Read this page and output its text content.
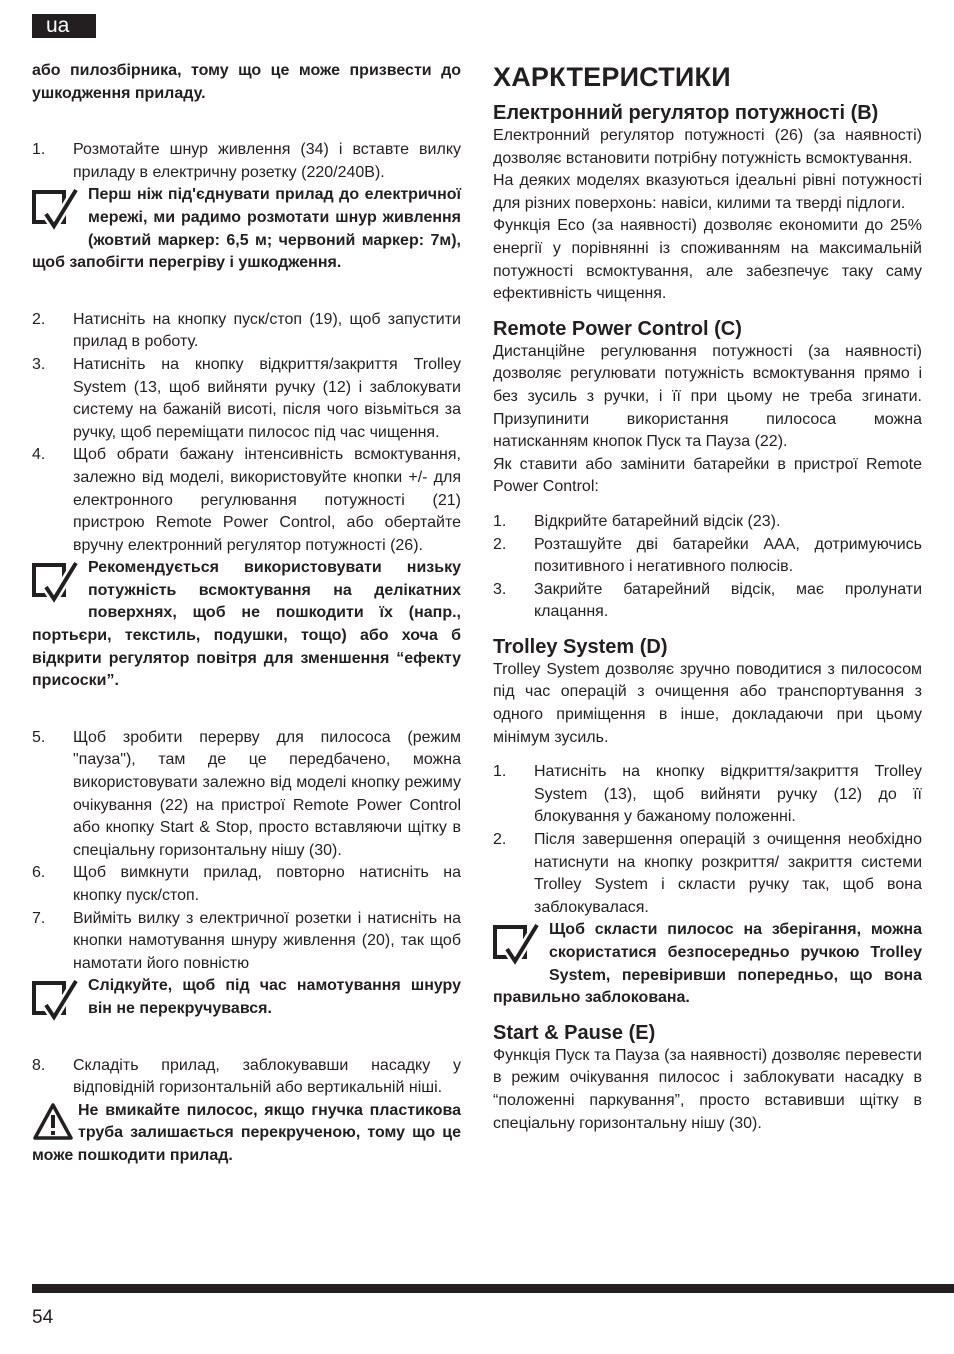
ua

або пилозбірника, тому що це може призвести до ушкодження приладу.

1. Розмотайте шнур живлення (34) і вставте вилку приладу в електричну розетку (220/240В).
Перш ніж під'єднувати прилад до електричної мережі, ми радимо розмотати шнур живлення (жовтий маркер: 6,5 м; червоний маркер: 7м), щоб запобігти перегріву і ушкодження.
2. Натисніть на кнопку пуск/стоп (19), щоб запустити прилад в роботу.
3. Натисніть на кнопку відкриття/закриття Trolley System (13, щоб вийняти ручку (12) і заблокувати систему на бажаній висоті, після чого візьміться за ручку, щоб переміщати пилосос під час чищення.
4. Щоб обрати бажану інтенсивність всмоктування, залежно від моделі, використовуйте кнопки +/- для електронного регулювання потужності (21) пристрою Remote Power Control, або обертайте вручну електронний регулятор потужності (26).
Рекомендується використовувати низьку потужність всмоктування на делікатних поверхнях, щоб не пошкодити їх (напр., портьєри, текстиль, подушки, тощо) або хоча б відкрити регулятор повітря для зменшення “ефекту присоски”.
5. Щоб зробити перерву для пилососа (режим "пауза"), там де це передбачено, можна використовувати залежно від моделі кнопку режиму очікування (22) на пристрої Remote Power Control або кнопку Start & Stop, просто вставляючи щітку в спеціальну горизонтальну нішу (30).
6. Щоб вимкнути прилад, повторно натисніть на кнопку пуск/стоп.
7. Вийміть вилку з електричної розетки і натисніть на кнопки намотування шнуру живлення (20), так щоб намотати його повністю
Слідкуйте, щоб під час намотування шнуру він не перекручувався.
8. Складіть прилад, заблокувавши насадку у відповідній горизонтальній або вертикальній ніші.
Не вмикайте пилосос, якщо гнучка пластикова труба залишається перекрученою, тому що це може пошкодити прилад.
ХАРКТЕРИСТИКИ
Електронний регулятор потужності (В)

Електронний регулятор потужності (26) (за наявності) дозволяє встановити потрібну потужність всмоктування.

На деяких моделях вказуються ідеальні рівні потужності для різних поверхонь: навіси, килими та тверді підлоги.

Функція Eco (за наявності) дозволяє економити до 25% енергії у порівнянні із споживанням на максимальній потужності всмоктування, але забезпечує таку саму ефективність чищення.

Remote Power Control (C)

Дистанційне регулювання потужності (за наявності) дозволяє регулювати потужність всмоктування прямо і без зусиль з ручки, і її при цьому не треба згинати. Призупинити використання пилососа можна натисканням кнопок Пуск та Пауза (22).

Як ставити або замінити батарейки в пристрої Remote Power Control:

1. Відкрийте батарейний відсік (23).
2. Розташуйте дві батарейки AAA, дотримуючись позитивного і негативного полюсів.
3. Закрийте батарейний відсік, має пролунати клацання.
Trolley System (D)

Trolley System дозволяє зручно поводитися з пилососом під час операцій з очищення або транспортування з одного приміщення в інше, докладаючи при цьому мінімум зусиль.

1. Натисніть на кнопку відкриття/закриття Trolley System (13), щоб вийняти ручку (12) до її блокування у бажаному положенні.
2. Після завершення операцій з очищення необхідно натиснути на кнопку розкриття/ закриття системи Trolley System і скласти ручку так, щоб вона заблокувалася.
Щоб скласти пилосос на зберігання, можна скористатися безпосередньо ручкою Trolley System, перевіривши попередньо, що вона правильно заблокована.
Start & Pause (E)

Функція Пуск та Пауза (за наявності) дозволяє перевести в режим очікування пилосос і заблокувати насадку в “положенні паркування”, просто вставивши щітку в спеціальну горизонтальну нішу (30).

54
